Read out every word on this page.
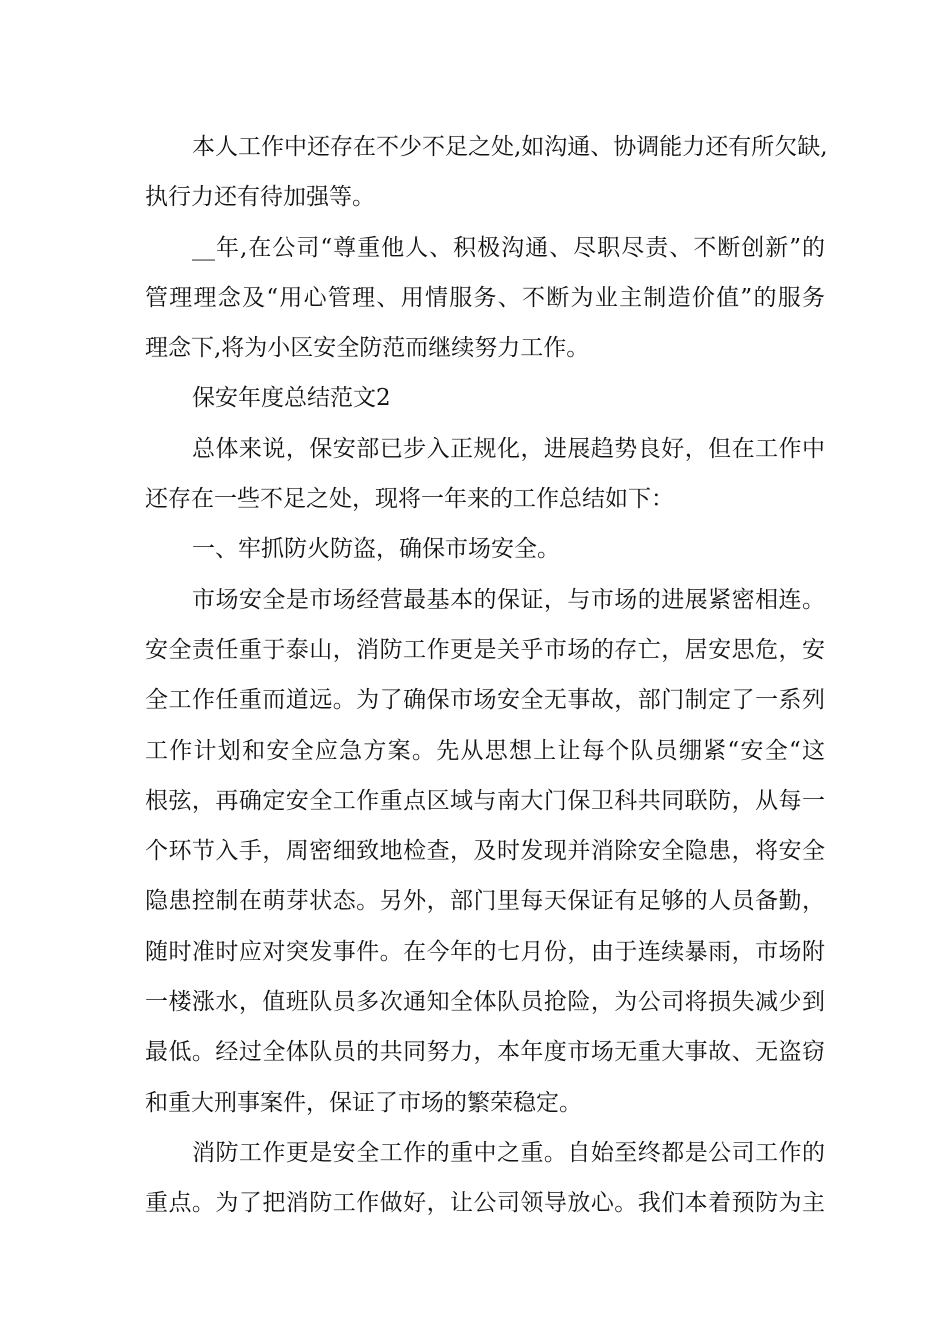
本人工作中还存在不少不足之处,如沟通、协调能力还有所欠缺,
执行力还有待加强等。
__年,在公司“尊重他人、积极沟通、尽职尽责、不断创新”的
管理理念及“用心管理、用情服务、不断为业主制造价值”的服务
理念下,将为小区安全防范而继续努力工作。
保安年度总结范文2
总体来说，保安部已步入正规化，进展趋势良好，但在工作中
还存在一些不足之处，现将一年来的工作总结如下：
一、牢抓防火防盗，确保市场安全。
市场安全是市场经营最基本的保证，与市场的进展紧密相连。
安全责任重于泰山，消防工作更是关乎市场的存亡，居安思危，安
全工作任重而道远。为了确保市场安全无事故，部门制定了一系列
工作计划和安全应急方案。先从思想上让每个队员绷紧“安全“这
根弦，再确定安全工作重点区域与南大门保卫科共同联防，从每一
个环节入手，周密细致地检查，及时发现并消除安全隐患，将安全
隐患控制在萌芽状态。另外，部门里每天保证有足够的人员备勤，
随时准时应对突发事件。在今年的七月份，由于连续暴雨，市场附
一楼涨水，值班队员多次通知全体队员抢险，为公司将损失减少到
最低。经过全体队员的共同努力，本年度市场无重大事故、无盗窃
和重大刑事案件，保证了市场的繁荣稳定。
消防工作更是安全工作的重中之重。自始至终都是公司工作的
重点。为了把消防工作做好，让公司领导放心。我们本着预防为主
